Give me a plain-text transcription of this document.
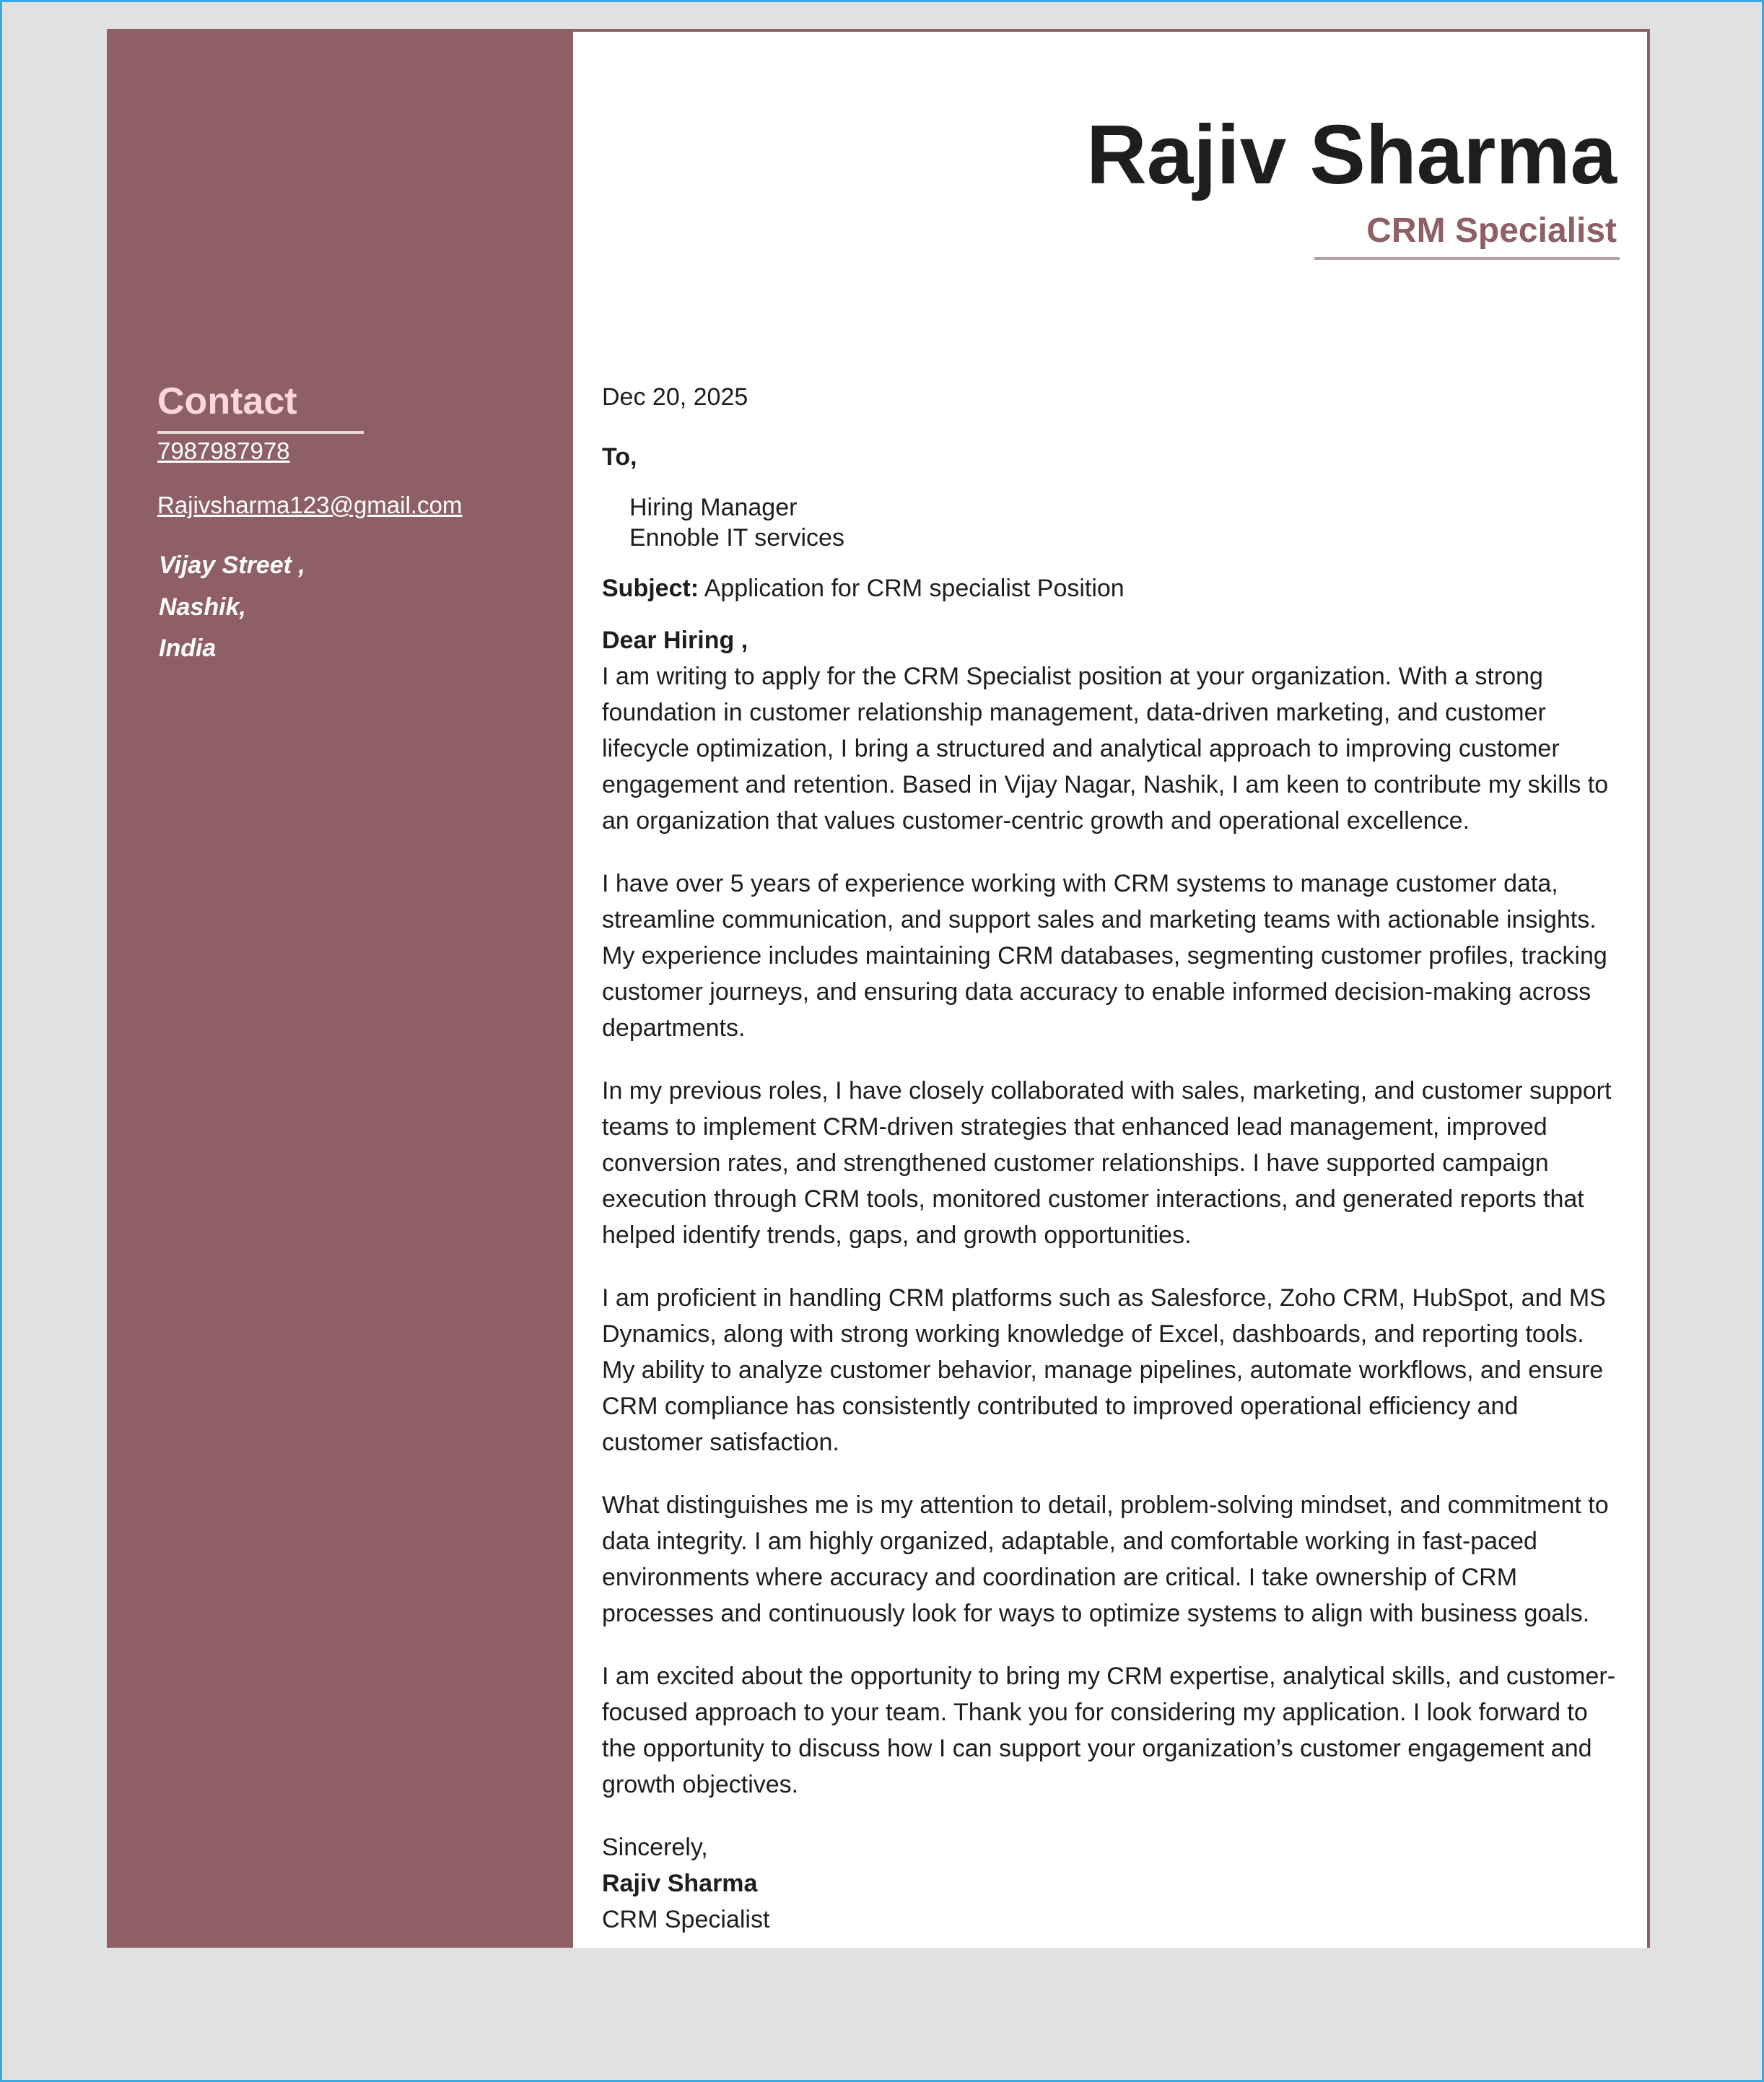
Contact
7987987978
Rajivsharma123@gmail.com
Vijay Street ,
Nashik,
India
Rajiv Sharma
CRM Specialist

Dec 20, 2025

To,

Hiring Manager
Ennoble IT services

Subject: Application for CRM specialist Position

Dear Hiring ,

I am writing to apply for the CRM Specialist position at your organization. With a strong foundation in customer relationship management, data-driven marketing, and customer lifecycle optimization, I bring a structured and analytical approach to improving customer engagement and retention. Based in Vijay Nagar, Nashik, I am keen to contribute my skills to an organization that values customer-centric growth and operational excellence.

I have over 5 years of experience working with CRM systems to manage customer data, streamline communication, and support sales and marketing teams with actionable insights. My experience includes maintaining CRM databases, segmenting customer profiles, tracking customer journeys, and ensuring data accuracy to enable informed decision-making across departments.

In my previous roles, I have closely collaborated with sales, marketing, and customer support teams to implement CRM-driven strategies that enhanced lead management, improved conversion rates, and strengthened customer relationships. I have supported campaign execution through CRM tools, monitored customer interactions, and generated reports that helped identify trends, gaps, and growth opportunities.

I am proficient in handling CRM platforms such as Salesforce, Zoho CRM, HubSpot, and MS Dynamics, along with strong working knowledge of Excel, dashboards, and reporting tools. My ability to analyze customer behavior, manage pipelines, automate workflows, and ensure CRM compliance has consistently contributed to improved operational efficiency and customer satisfaction.

What distinguishes me is my attention to detail, problem-solving mindset, and commitment to data integrity. I am highly organized, adaptable, and comfortable working in fast-paced environments where accuracy and coordination are critical. I take ownership of CRM processes and continuously look for ways to optimize systems to align with business goals.

I am excited about the opportunity to bring my CRM expertise, analytical skills, and customer-focused approach to your team. Thank you for considering my application. I look forward to the opportunity to discuss how I can support your organization’s customer engagement and growth objectives.

Sincerely,

Rajiv Sharma

CRM Specialist
